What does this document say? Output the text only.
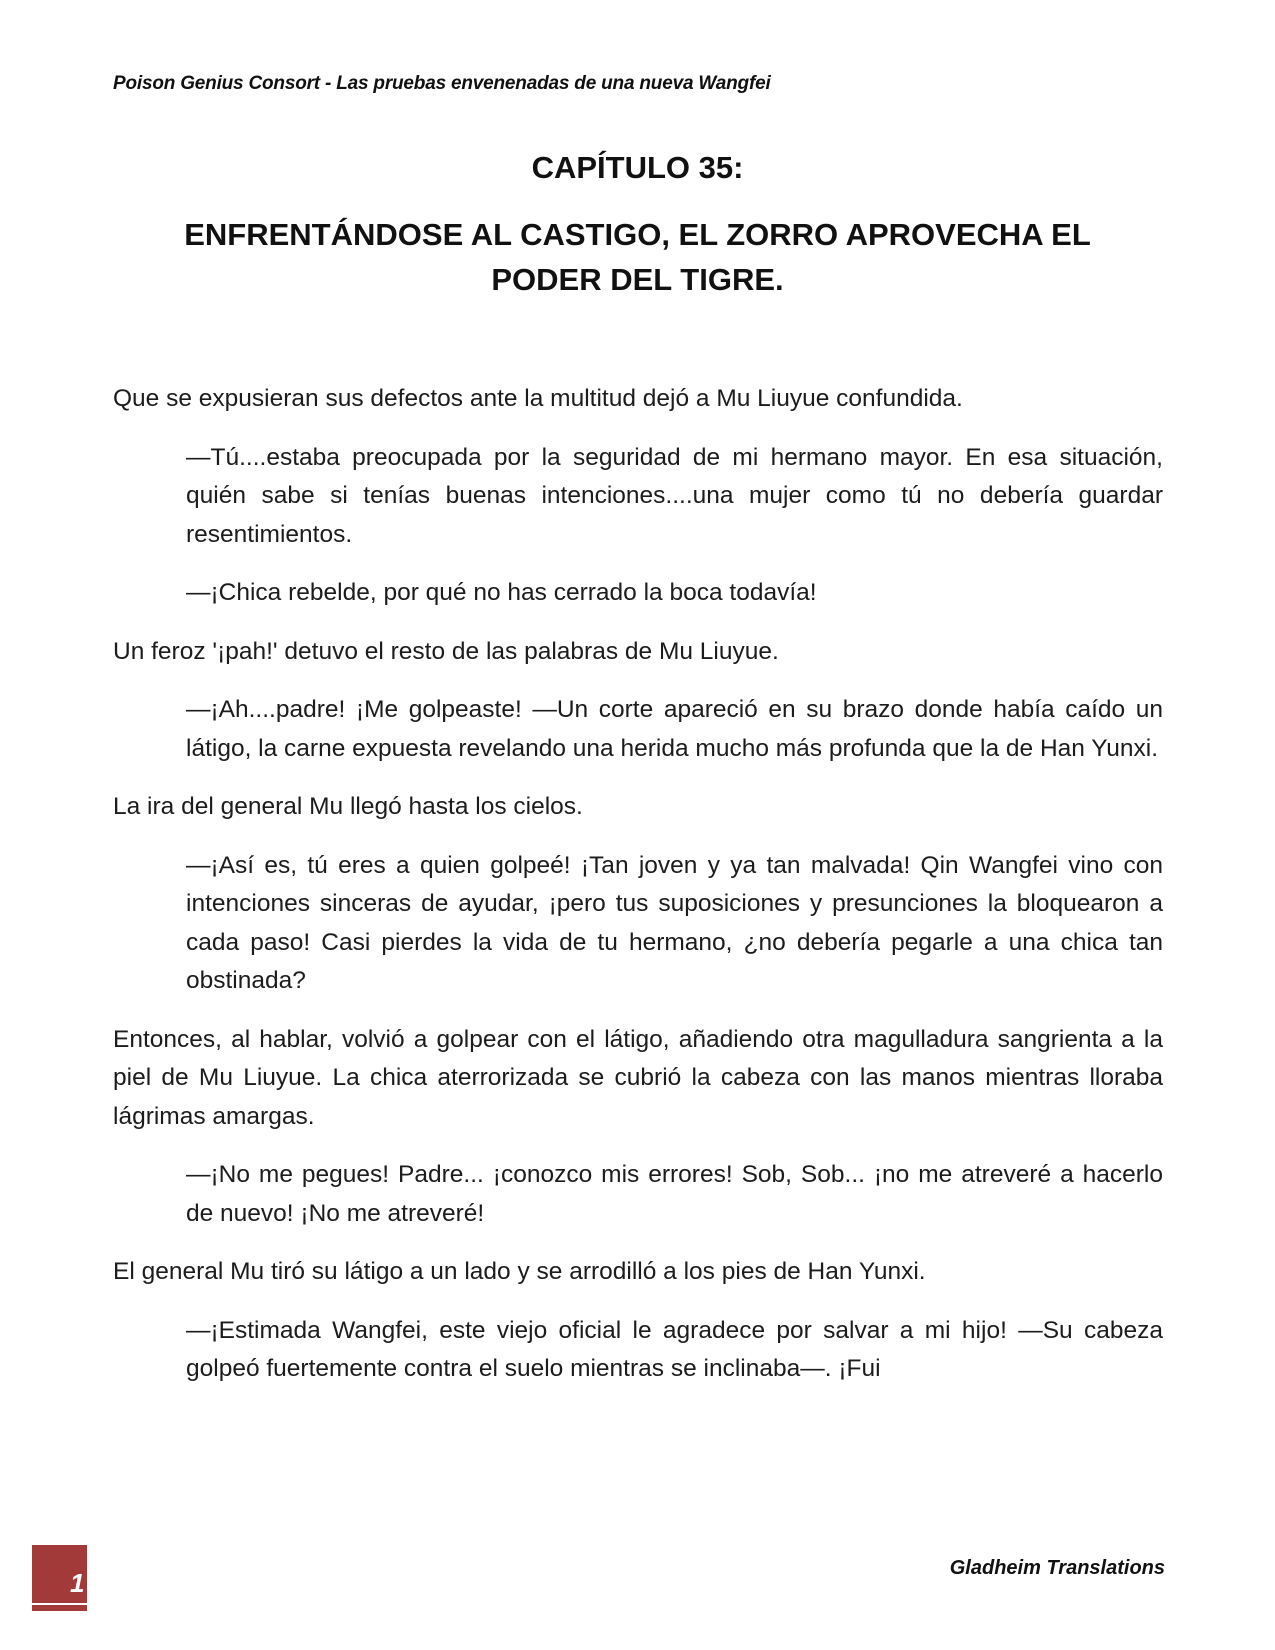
Poison Genius Consort - Las pruebas envenenadas de una nueva Wangfei
CAPÍTULO 35:
ENFRENTÁNDOSE AL CASTIGO, EL ZORRO APROVECHA EL PODER DEL TIGRE.

Que se expusieran sus defectos ante la multitud dejó a Mu Liuyue confundida.

—Tú....estaba preocupada por la seguridad de mi hermano mayor. En esa situación, quién sabe si tenías buenas intenciones....una mujer como tú no debería guardar resentimientos.

—¡Chica rebelde, por qué no has cerrado la boca todavía!

Un feroz '¡pah!' detuvo el resto de las palabras de Mu Liuyue.

—¡Ah....padre! ¡Me golpeaste! —Un corte apareció en su brazo donde había caído un látigo, la carne expuesta revelando una herida mucho más profunda que la de Han Yunxi.

La ira del general Mu llegó hasta los cielos.

—¡Así es, tú eres a quien golpeé! ¡Tan joven y ya tan malvada! Qin Wangfei vino con intenciones sinceras de ayudar, ¡pero tus suposiciones y presunciones la bloquearon a cada paso! Casi pierdes la vida de tu hermano, ¿no debería pegarle a una chica tan obstinada?

Entonces, al hablar, volvió a golpear con el látigo, añadiendo otra magulladura sangrienta a la piel de Mu Liuyue. La chica aterrorizada se cubrió la cabeza con las manos mientras lloraba lágrimas amargas.

—¡No me pegues! Padre... ¡conozco mis errores! Sob, Sob... ¡no me atreveré a hacerlo de nuevo! ¡No me atreveré!

El general Mu tiró su látigo a un lado y se arrodilló a los pies de Han Yunxi.

—¡Estimada Wangfei, este viejo oficial le agradece por salvar a mi hijo! —Su cabeza golpeó fuertemente contra el suelo mientras se inclinaba—. ¡Fui

1	Gladheim Translations
